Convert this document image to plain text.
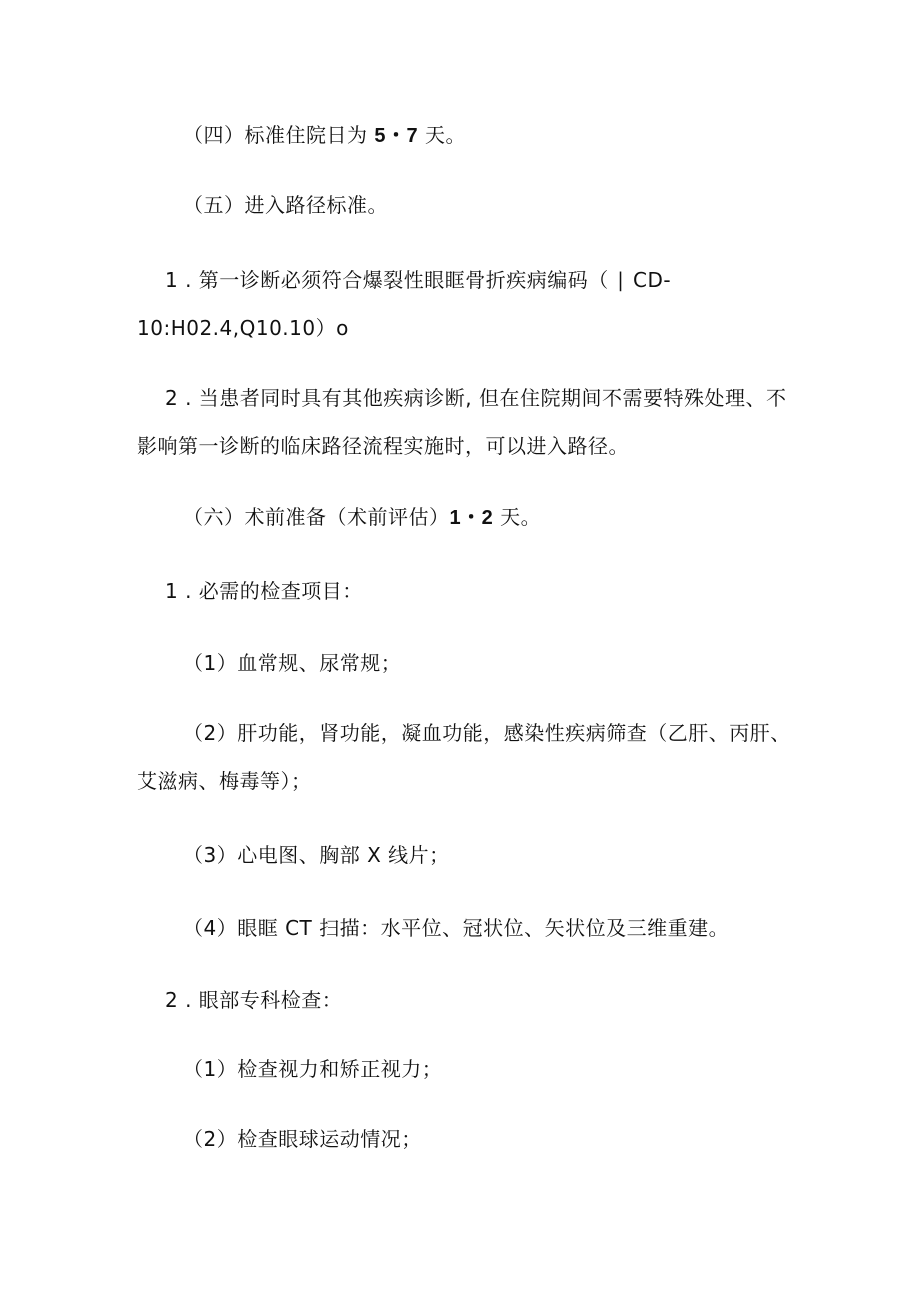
（四）标准住院日为 5・7 天。
（五）进入路径标准。
1 . 第一诊断必须符合爆裂性眼眶骨折疾病编码（ ∣ CD-
10:H02.4,Q10.10）o
2 . 当患者同时具有其他疾病诊断, 但在住院期间不需要特殊处理、不
影响第一诊断的临床路径流程实施时，可以进入路径。
（六）术前准备（术前评估）1・2 天。
1 . 必需的检查项目：
（1）血常规、尿常规；
（2）肝功能，肾功能，凝血功能，感染性疾病筛查（乙肝、丙肝、
艾滋病、梅毒等）；
（3）心电图、胸部 X 线片；
（4）眼眶 CT 扫描：水平位、冠状位、矢状位及三维重建。
2 . 眼部专科检查：
（1）检查视力和矫正视力；
（2）检查眼球运动情况；
